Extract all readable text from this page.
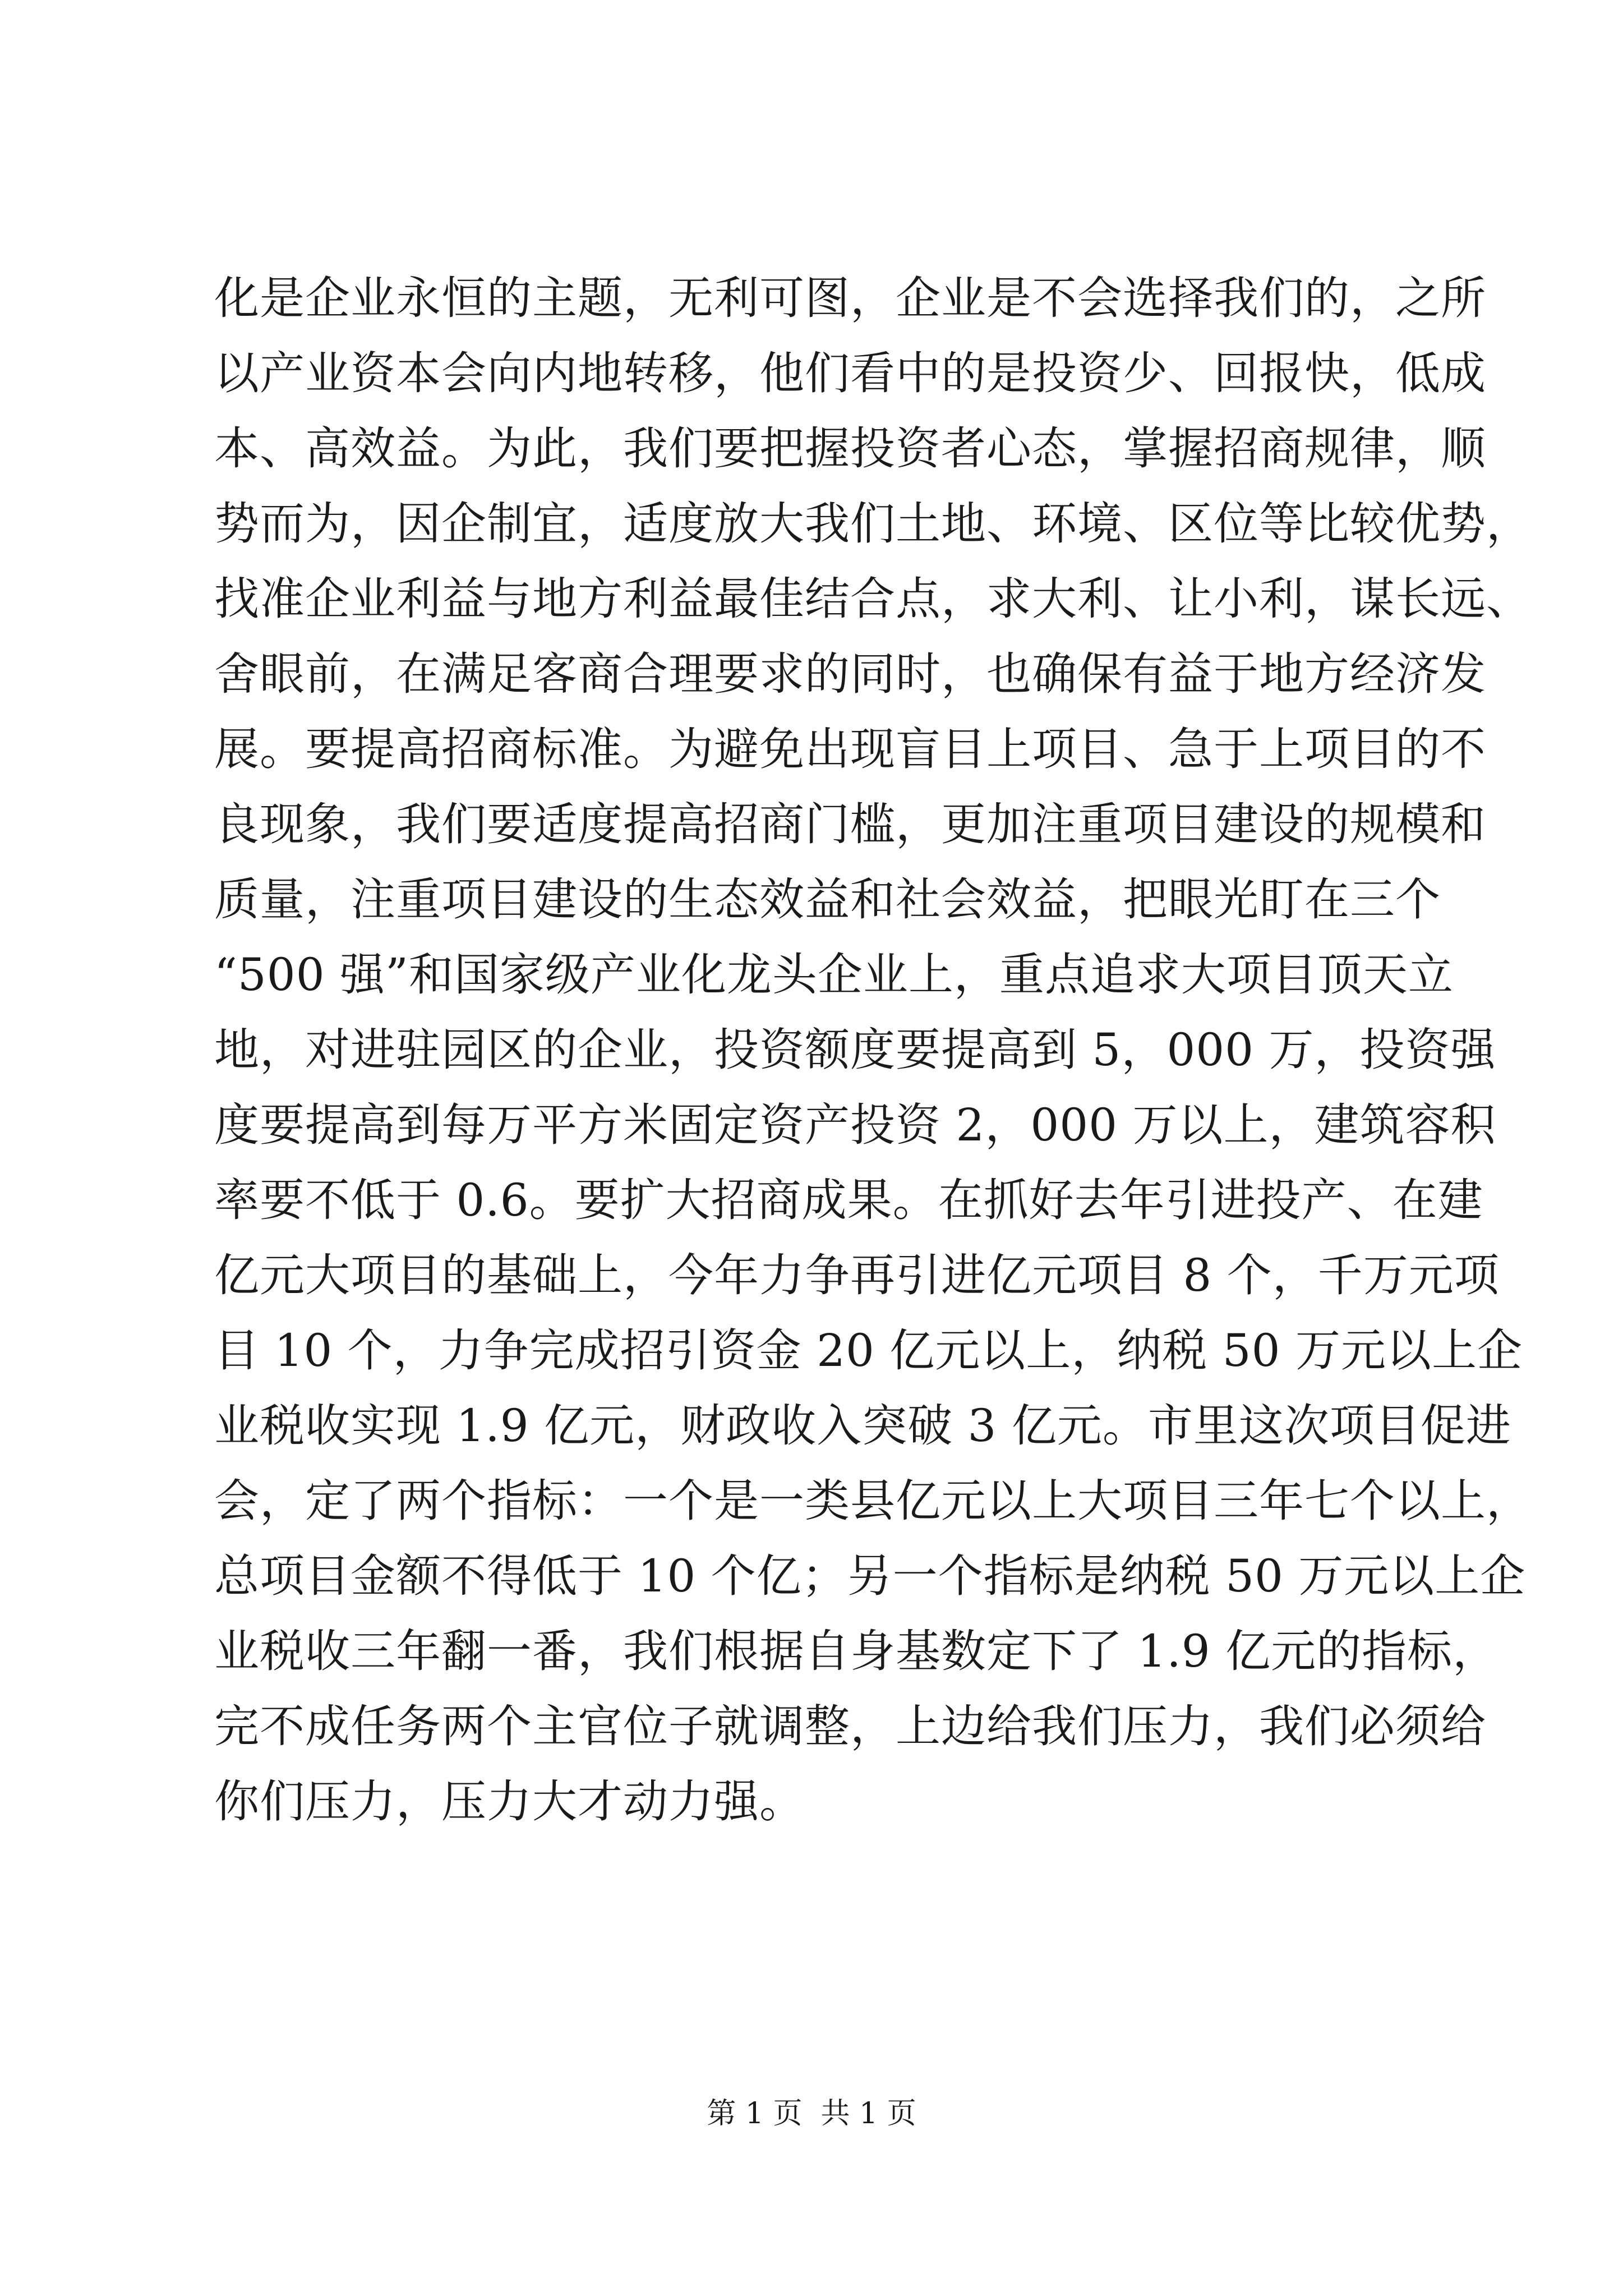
化是企业永恒的主题，无利可图，企业是不会选择我们的，之所
以产业资本会向内地转移，他们看中的是投资少、回报快，低成
本、高效益。为此，我们要把握投资者心态，掌握招商规律，顺
势而为，因企制宜，适度放大我们土地、环境、区位等比较优势，
找准企业利益与地方利益最佳结合点，求大利、让小利，谋长远、
舍眼前，在满足客商合理要求的同时，也确保有益于地方经济发
展。要提高招商标准。为避免出现盲目上项目、急于上项目的不
良现象，我们要适度提高招商门槛，更加注重项目建设的规模和
质量，注重项目建设的生态效益和社会效益，把眼光盯在三个
“500 强”和国家级产业化龙头企业上，重点追求大项目顶天立
地，对进驻园区的企业，投资额度要提高到 5，000 万，投资强
度要提高到每万平方米固定资产投资 2，000 万以上，建筑容积
率要不低于 0.6。要扩大招商成果。在抓好去年引进投产、在建
亿元大项目的基础上，今年力争再引进亿元项目 8 个，千万元项
目 10 个，力争完成招引资金 20 亿元以上，纳税 50 万元以上企
业税收实现 1.9 亿元，财政收入突破 3 亿元。市里这次项目促进
会，定了两个指标：一个是一类县亿元以上大项目三年七个以上，
总项目金额不得低于 10 个亿；另一个指标是纳税 50 万元以上企
业税收三年翻一番，我们根据自身基数定下了 1.9 亿元的指标，
完不成任务两个主官位子就调整，上边给我们压力，我们必须给
你们压力，压力大才动力强。
第 1 页  共 1 页
